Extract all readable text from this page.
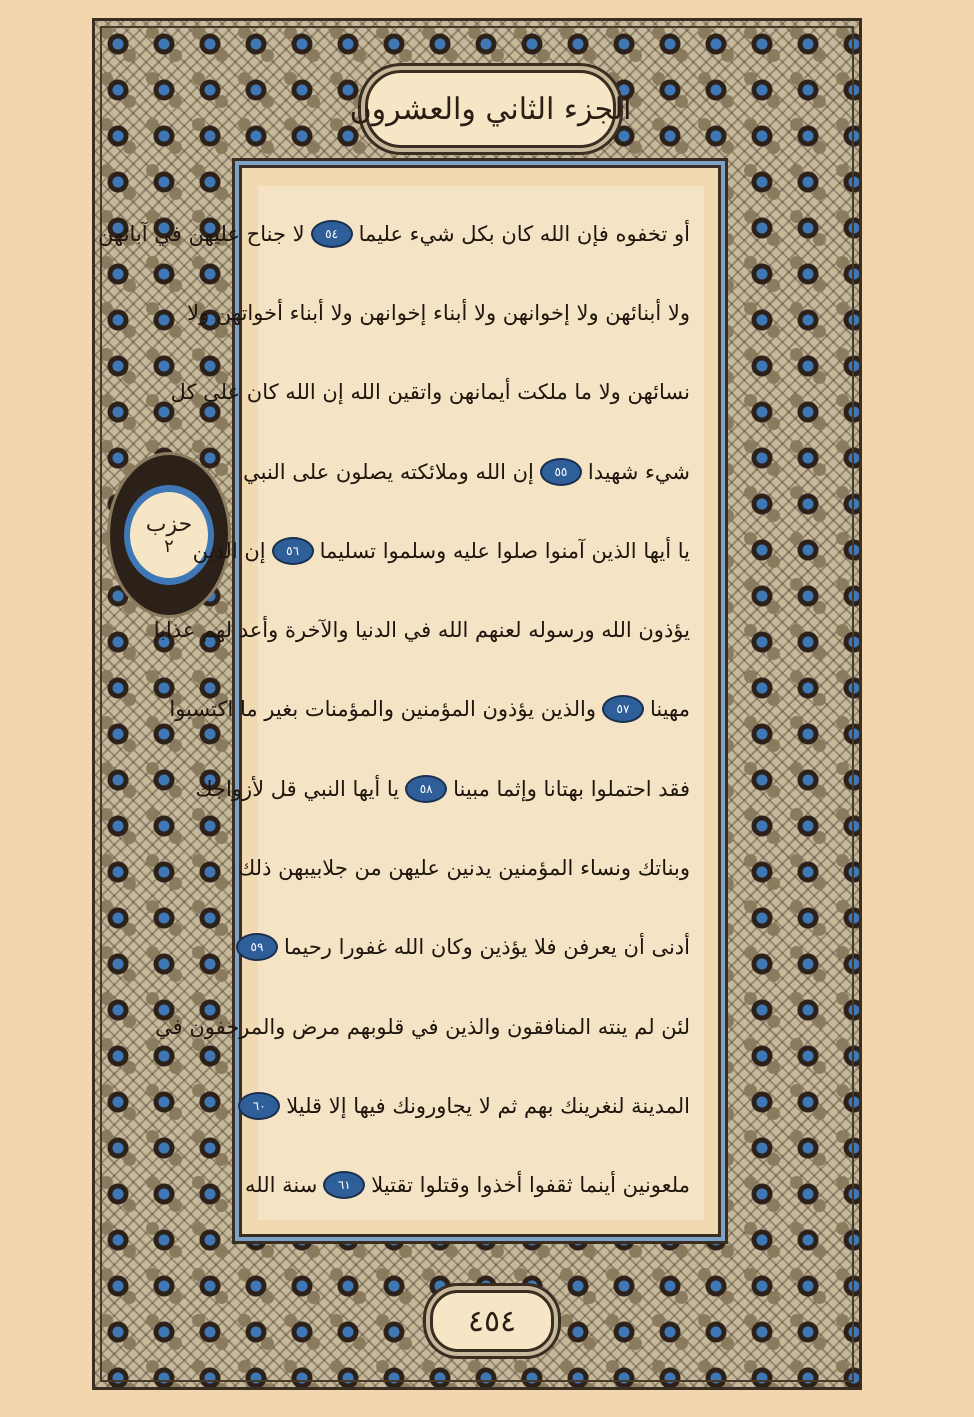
الجزء الثاني والعشرون
حزب
٢
أو تخفوه فإن الله كان بكل شيء عليما
٥٤
لا جناح عليهن في آبائهن
ولا أبنائهن ولا إخوانهن ولا أبناء إخوانهن ولا أبناء أخواتهن ولا
نسائهن ولا ما ملكت أيمانهن واتقين الله إن الله كان على كل
شيء شهيدا
٥٥
إن الله وملائكته يصلون على النبي
يا أيها الذين آمنوا صلوا عليه وسلموا تسليما
٥٦
إن الذين
يؤذون الله ورسوله لعنهم الله في الدنيا والآخرة وأعد لهم عذابا
مهينا
٥٧
والذين يؤذون المؤمنين والمؤمنات بغير ما اكتسبوا
فقد احتملوا بهتانا وإثما مبينا
٥٨
يا أيها النبي قل لأزواجك
وبناتك ونساء المؤمنين يدنين عليهن من جلابيبهن ذلك
أدنى أن يعرفن فلا يؤذين وكان الله غفورا رحيما
٥٩
لئن لم ينته المنافقون والذين في قلوبهم مرض والمرجفون في
المدينة لنغرينك بهم ثم لا يجاورونك فيها إلا قليلا
٦٠
ملعونين أينما ثقفوا أخذوا وقتلوا تقتيلا
٦١
سنة الله
٤٥٤
